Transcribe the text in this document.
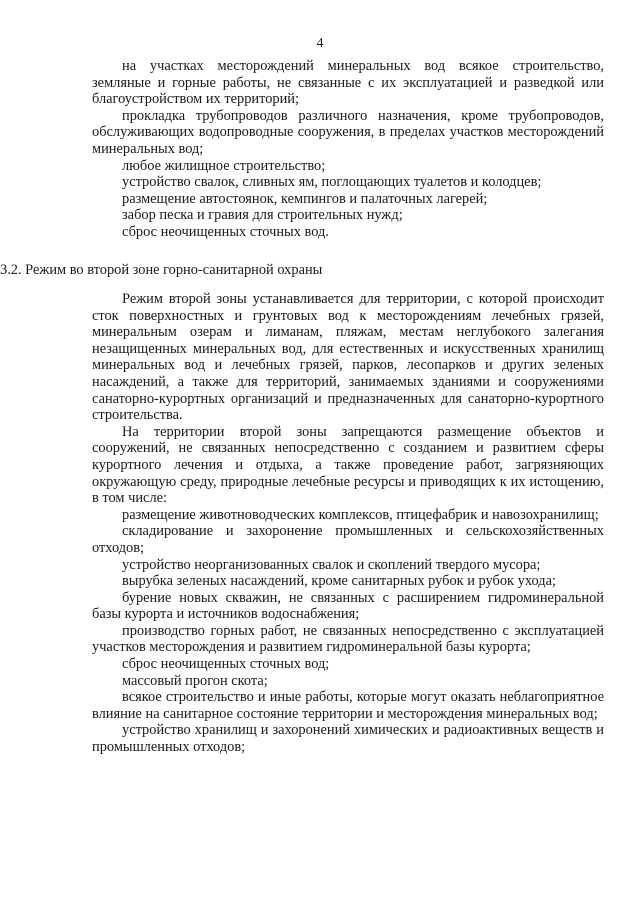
4

на участках месторождений минеральных вод всякое строительство, земляные и горные работы, не связанные с их эксплуатацией и разведкой или благоустройством их территорий;

прокладка трубопроводов различного назначения, кроме трубопроводов, обслуживающих водопроводные сооружения, в пределах участков месторождений минеральных вод;

любое жилищное строительство;

устройство свалок, сливных ям, поглощающих туалетов и колодцев;

размещение автостоянок, кемпингов и палаточных лагерей;

забор песка и гравия для строительных нужд;

сброс неочищенных сточных вод.

3.2. Режим во второй зоне горно-санитарной охраны

Режим второй зоны устанавливается для территории, с которой происходит сток поверхностных и грунтовых вод к месторождениям лечебных грязей, минеральным озерам и лиманам, пляжам, местам неглубокого залегания незащищенных минеральных вод, для естественных и искусственных хранилищ минеральных вод и лечебных грязей, парков, лесопарков и других зеленых насаждений, а также для территорий, занимаемых зданиями и сооружениями санаторно-курортных организаций и предназначенных для санаторно-курортного строительства.

На территории второй зоны запрещаются размещение объектов и сооружений, не связанных непосредственно с созданием и развитием сферы курортного лечения и отдыха, а также проведение работ, загрязняющих окружающую среду, природные лечебные ресурсы и приводящих к их истощению, в том числе:

размещение животноводческих комплексов, птицефабрик и навозохранилищ;

складирование и захоронение промышленных и сельскохозяйственных отходов;

устройство неорганизованных свалок и скоплений твердого мусора;

вырубка зеленых насаждений, кроме санитарных рубок и рубок ухода;

бурение новых скважин, не связанных с расширением гидроминеральной базы курорта и источников водоснабжения;

производство горных работ, не связанных непосредственно с эксплуатацией участков месторождения и развитием гидроминеральной базы курорта;

сброс неочищенных сточных вод;

массовый прогон скота;

всякое строительство и иные работы, которые могут оказать неблагоприятное влияние на санитарное состояние территории и месторождения минеральных вод;

устройство хранилищ и захоронений химических и радиоактивных веществ и промышленных отходов;
